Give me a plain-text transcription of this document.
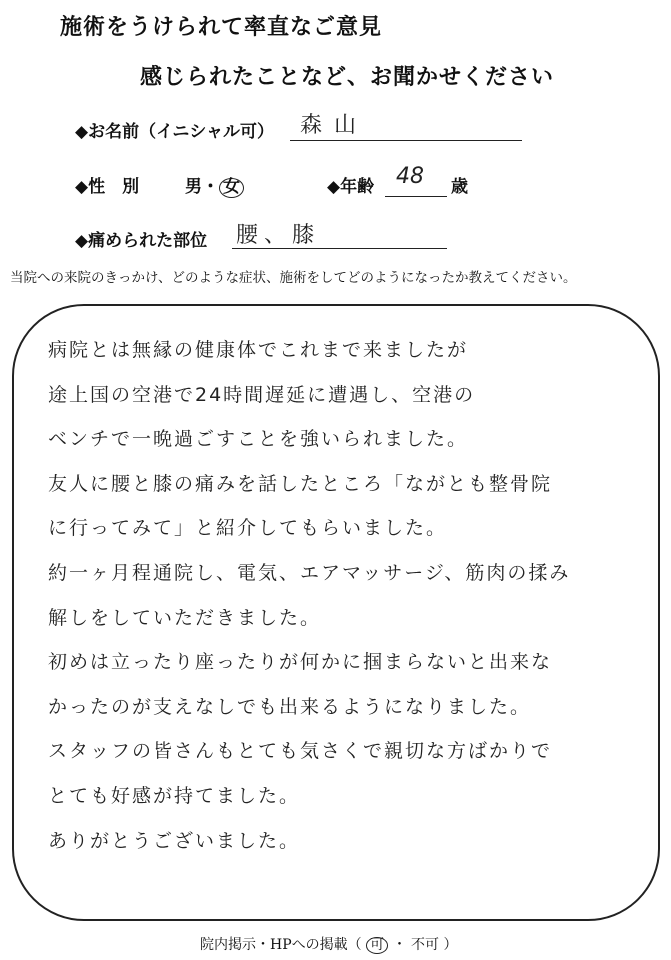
施術をうけられて率直なご意見
感じられたことなど、お聞かせください
◆お名前（イニシャル可） 森山
◆性　別	男・ 女	◆年齢 48 歳
◆痛められた部位 腰、膝
当院への来院のきっかけ、どのような症状、施術をしてどのようになったか教えてください。
病院とは無縁の健康体でこれまで来ましたが
途上国の空港で24時間遅延に遭遇し、空港の
ベンチで一晩過ごすことを強いられました。
友人に腰と膝の痛みを話したところ「ながとも整骨院
に行ってみて」と紹介してもらいました。
約一ヶ月程通院し、電気、エアマッサージ、筋肉の揉み
解しをしていただきました。
初めは立ったり座ったりが何かに掴まらないと出来な
かったのが支えなしでも出来るようになりました。
スタッフの皆さんもとても気さくで親切な方ばかりで
とても好感が持てました。
ありがとうございました。
院内掲示・HPへの掲載（ 可 ・ 不可 ）
